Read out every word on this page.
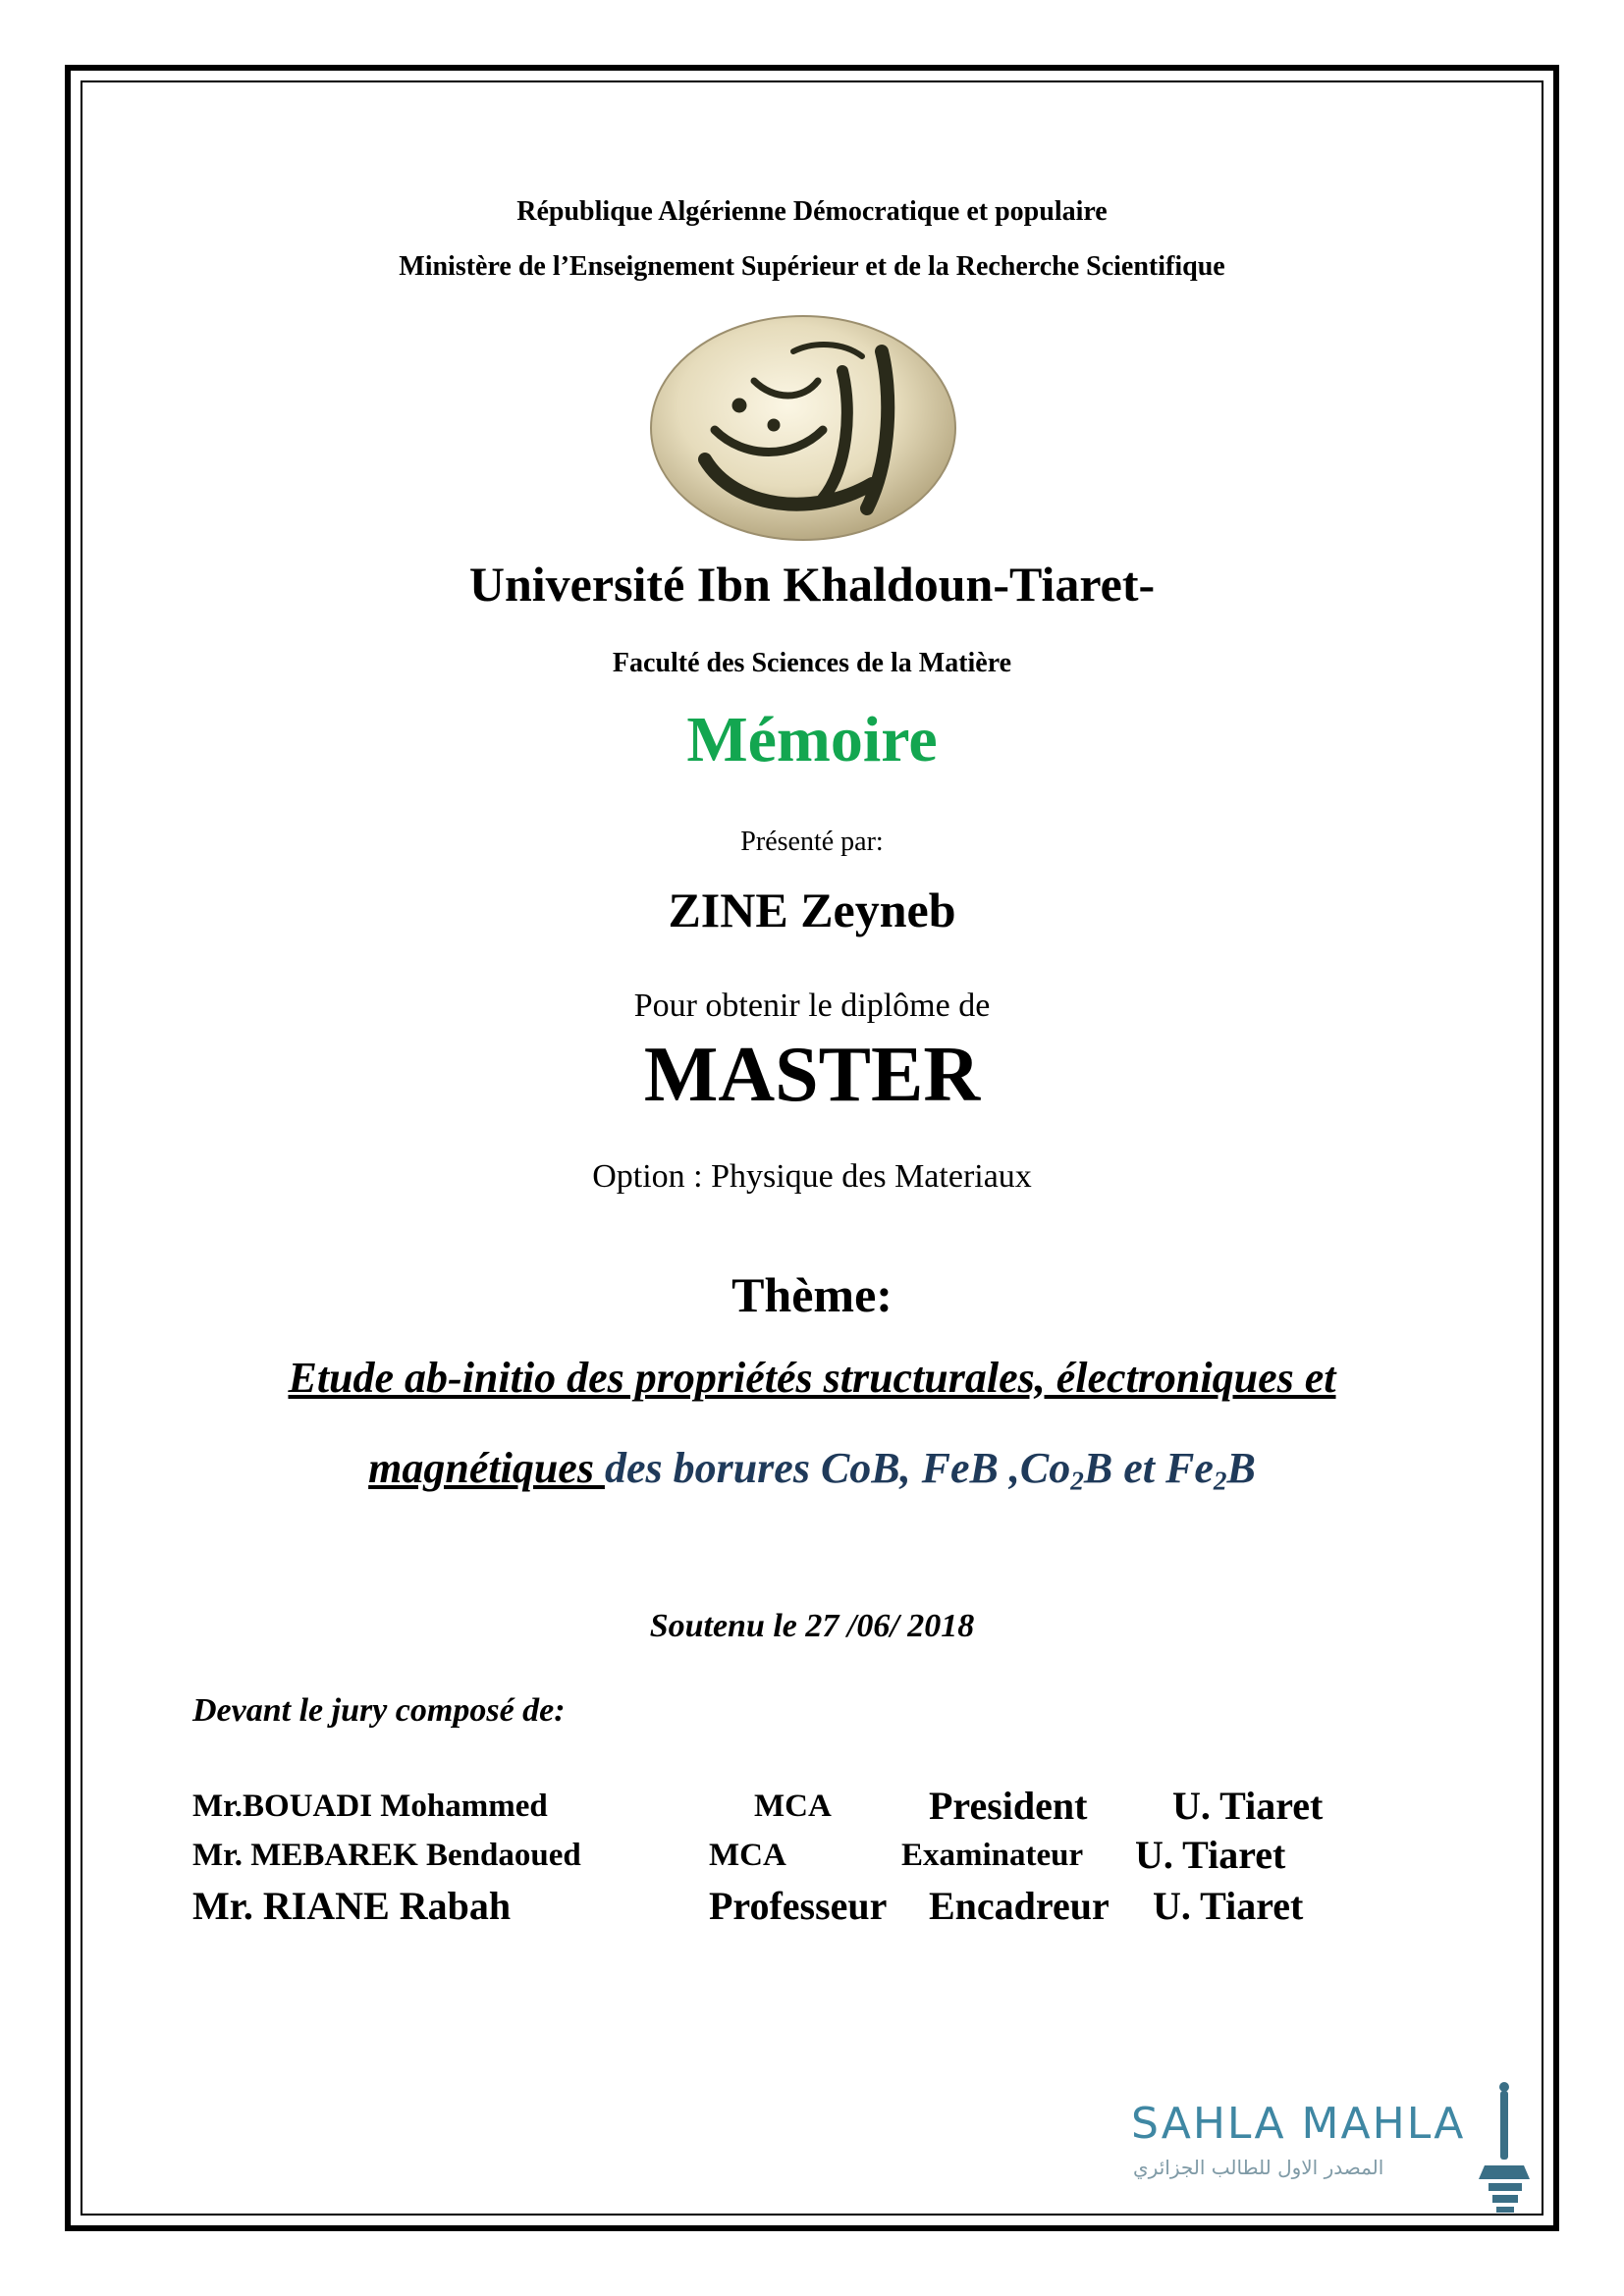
République Algérienne Démocratique et populaire
Ministère de l’Enseignement Supérieur et de la Recherche Scientifique
Université Ibn Khaldoun-Tiaret-
Faculté des Sciences de la Matière
Mémoire
Présenté par:
ZINE Zeyneb
Pour obtenir le diplôme de
MASTER
Option : Physique des Materiaux
Thème:
Etude ab-initio des propriétés structurales, électroniques et
magnétiques des borures CoB, FeB $,Co_2B$ et $Fe_2B$
Soutenu le 27 /06/ 2018
Devant le jury composé de:
Mr.BOUADI Mohammed	MCA President U. Tiaret
Mr. MEBAREK Bendaoued	MCA	Examinateur U. Tiaret
Mr. RIANE Rabah	Professeur Encadreur U. Tiaret
SAHLA MAHLA
المصدر الاول للطالب الجزائري
